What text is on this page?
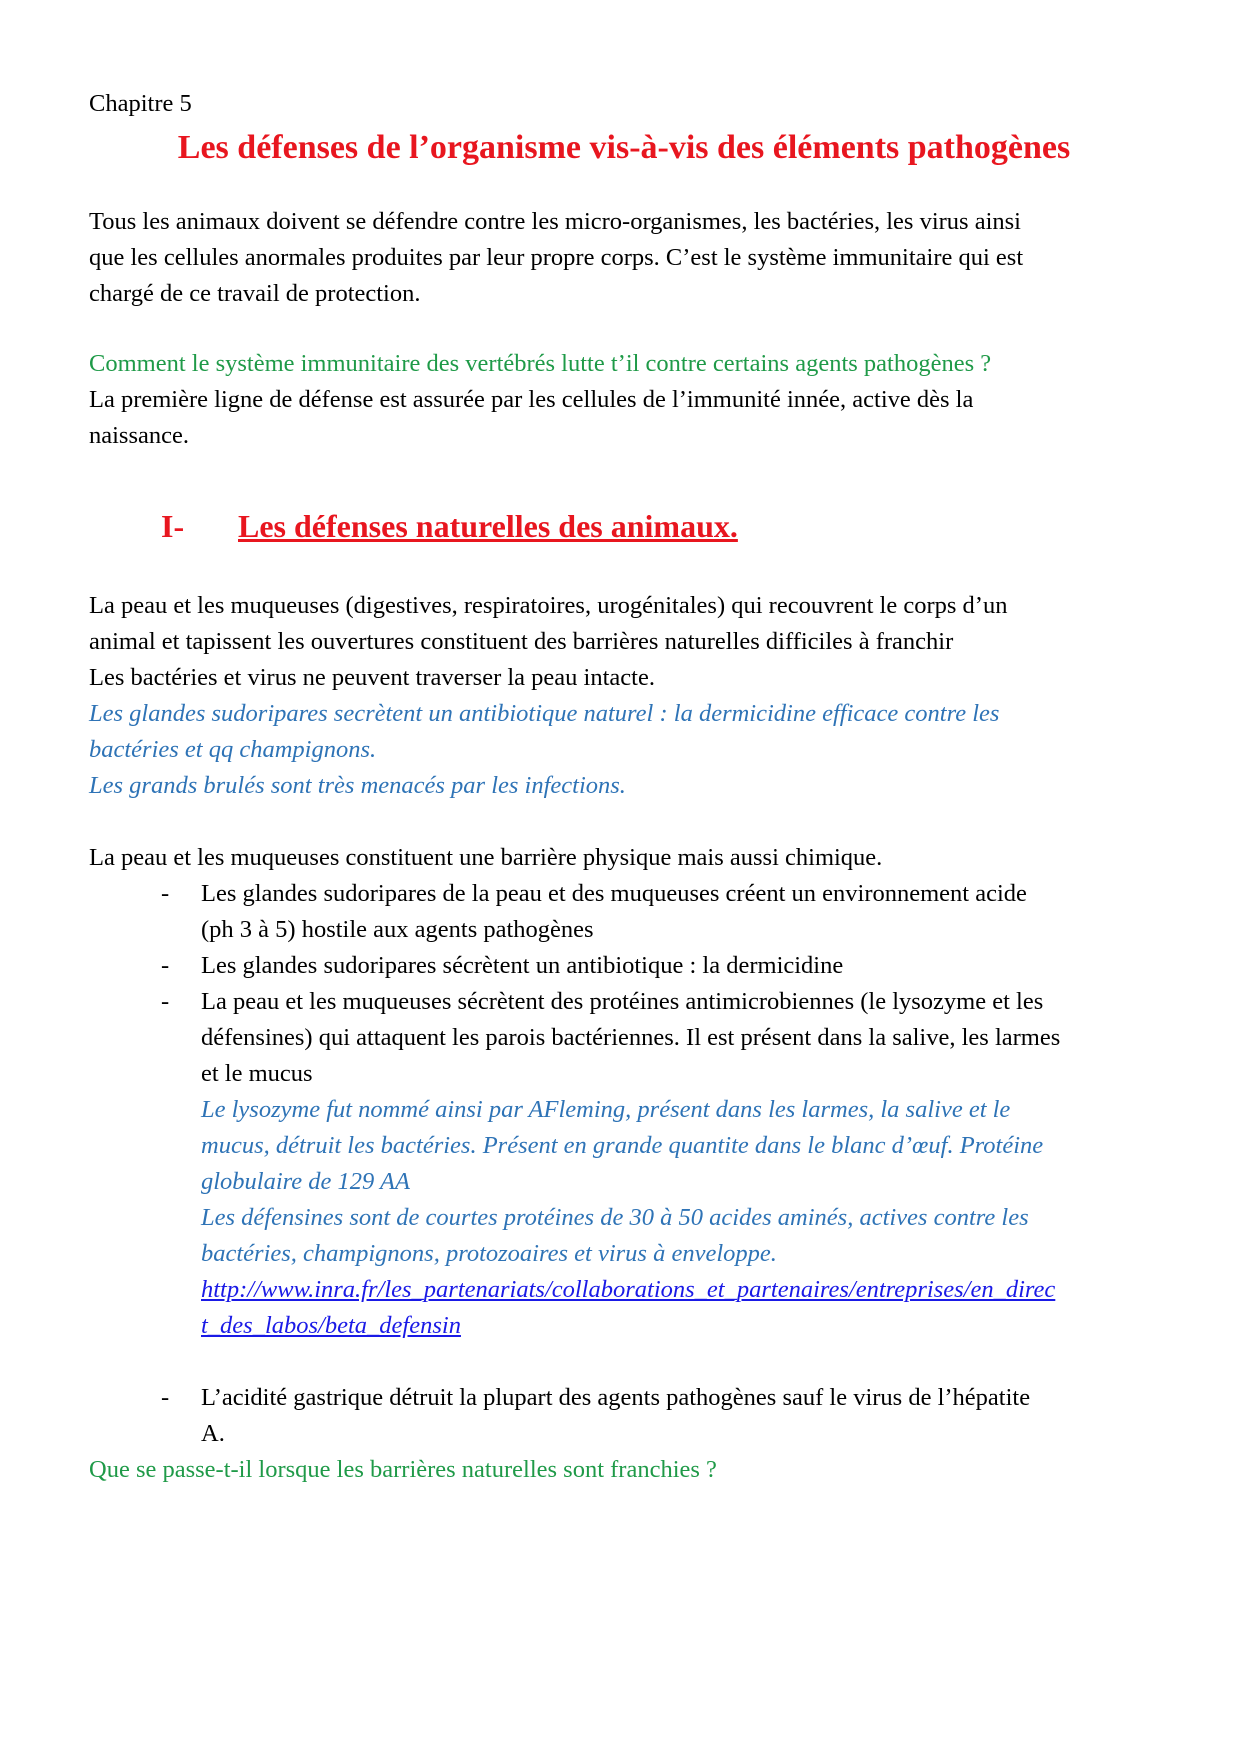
Chapitre 5

Les défenses de l’organisme vis-à-vis des éléments pathogènes

Tous les animaux doivent se défendre contre les micro-organismes, les bactéries, les virus ainsi

que les cellules anormales produites par leur propre corps. C’est le système immunitaire qui est

chargé de ce travail de protection.

Comment le système immunitaire des vertébrés lutte t’il contre certains agents pathogènes ?

La première ligne de défense est assurée par les cellules de l’immunité innée, active dès la

naissance.

I- Les défenses naturelles des animaux.

La peau et les muqueuses (digestives, respiratoires, urogénitales) qui recouvrent le corps d’un

animal et tapissent les ouvertures constituent des barrières naturelles difficiles à franchir

Les bactéries et virus ne peuvent traverser la peau intacte.

Les glandes sudoripares secrètent un antibiotique naturel : la dermicidine efficace contre les

bactéries et qq champignons.

Les grands brulés sont très menacés par les infections.

La peau et les muqueuses constituent une barrière physique mais aussi chimique.

- Les glandes sudoripares de la peau et des muqueuses créent un environnement acide

(ph 3 à 5) hostile aux agents pathogènes

- Les glandes sudoripares sécrètent un antibiotique : la dermicidine

- La peau et les muqueuses sécrètent des protéines antimicrobiennes (le lysozyme et les

défensines) qui attaquent les parois bactériennes. Il est présent dans la salive, les larmes

et le mucus

Le lysozyme fut nommé ainsi par AFleming, présent dans les larmes, la salive et le

mucus, détruit les bactéries. Présent en grande quantite dans le blanc d’œuf. Protéine

globulaire de 129 AA

Les défensines sont de courtes protéines de 30 à 50 acides aminés, actives contre les

bactéries, champignons, protozoaires et virus à enveloppe.

http://www.inra.fr/les_partenariats/collaborations_et_partenaires/entreprises/en_direc

t_des_labos/beta_defensin

- L’acidité gastrique détruit la plupart des agents pathogènes sauf le virus de l’hépatite

A.

Que se passe-t-il lorsque les barrières naturelles sont franchies ?
